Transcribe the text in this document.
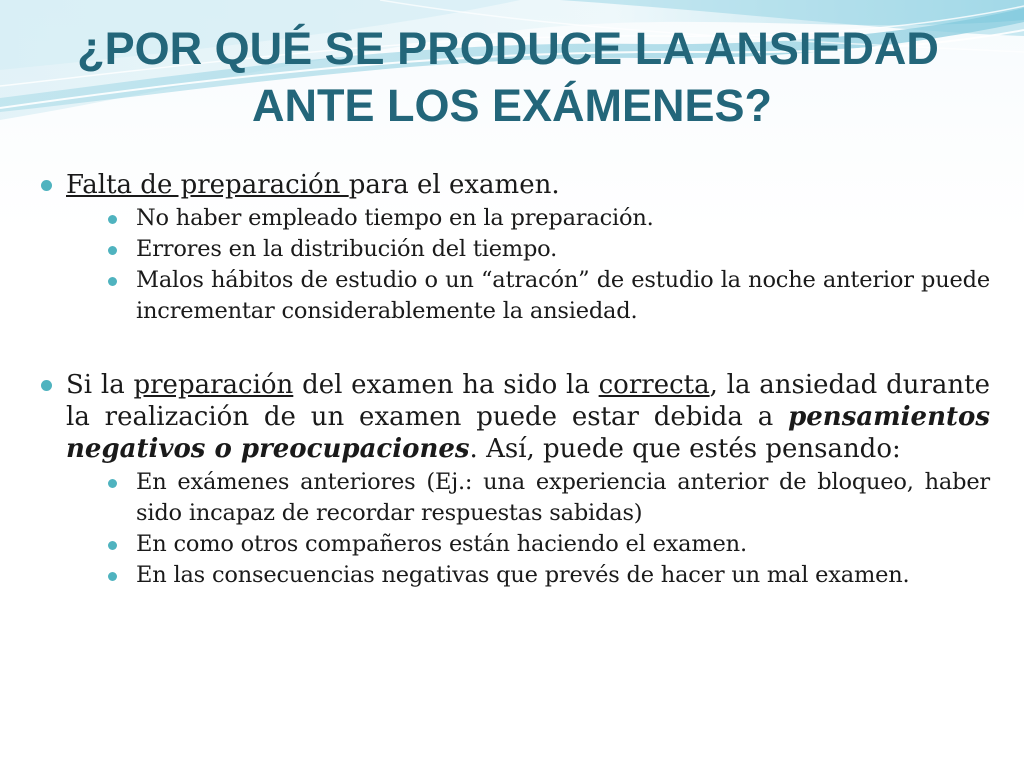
¿POR QUÉ SE PRODUCE LA ANSIEDAD
ANTE LOS EXÁMENES?
Falta de preparación para el examen.
No haber empleado tiempo en la preparación.
Errores en la distribución del tiempo.
Malos hábitos de estudio o un “atracón” de estudio la noche anterior puede incrementar considerablemente la ansiedad.
Si la preparación del examen ha sido la correcta, la ansiedad durante la realización de un examen puede estar debida a pensamientos negativos o preocupaciones. Así, puede que estés pensando:
En exámenes anteriores (Ej.: una experiencia anterior de bloqueo, haber sido incapaz de recordar respuestas sabidas)
En como otros compañeros están haciendo el examen.
En las consecuencias negativas que prevés de hacer un mal examen.
